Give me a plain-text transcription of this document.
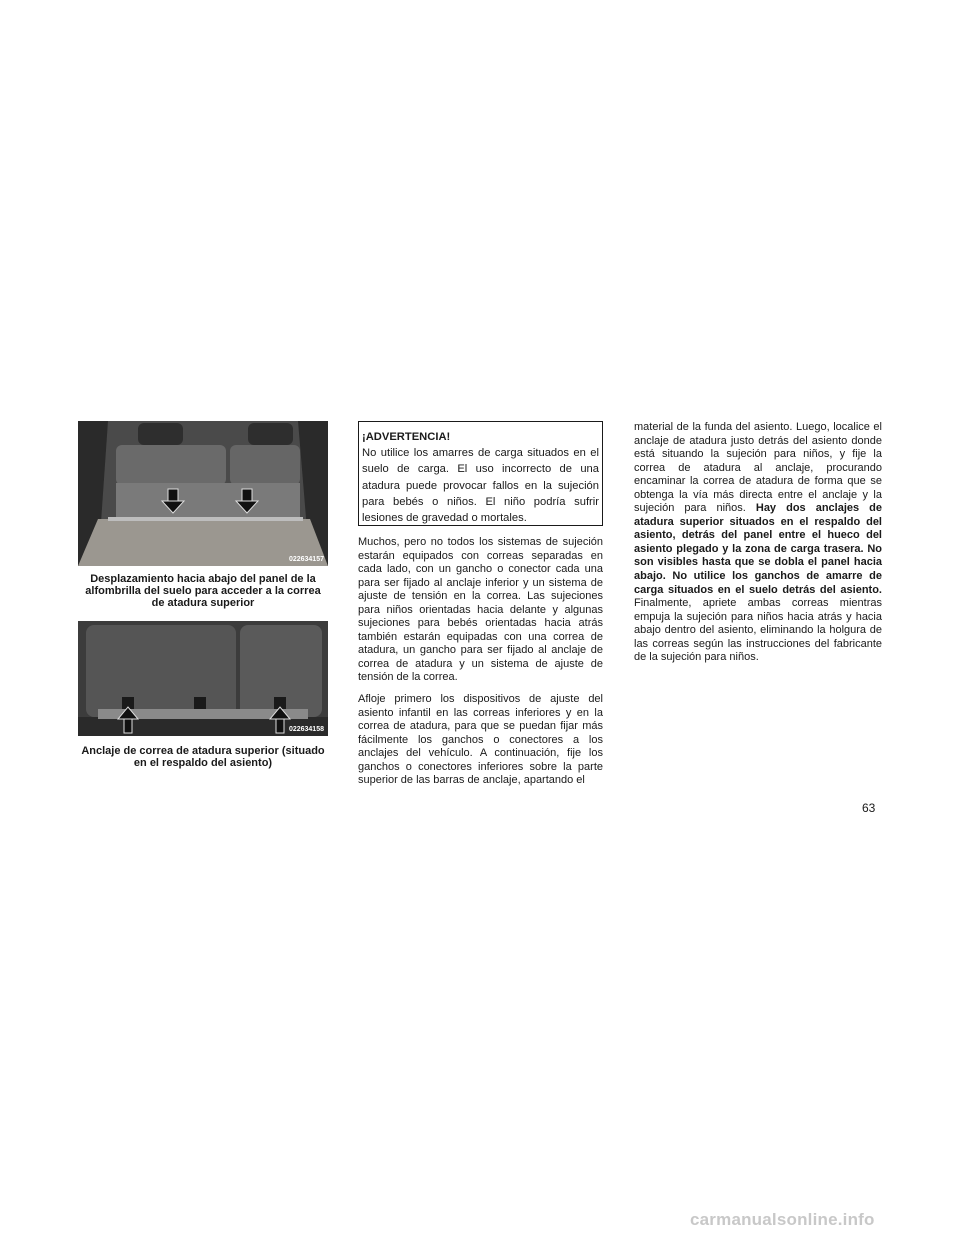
022634157
Desplazamiento hacia abajo del panel de la alfombrilla del suelo para acceder a la correa de atadura superior
022634158
Anclaje de correa de atadura superior (situado en el respaldo del asiento)
¡ADVERTENCIA!
No utilice los amarres de carga situados en el suelo de carga. El uso incorrecto de una atadura puede provocar fallos en la sujeción para bebés o niños. El niño podría sufrir lesiones de gravedad o mortales.

Muchos, pero no todos los sistemas de sujeción estarán equipados con correas separadas en cada lado, con un gancho o conector cada una para ser fijado al anclaje inferior y un sistema de ajuste de tensión en la correa. Las sujeciones para niños orientadas hacia delante y algunas sujeciones para bebés orientadas hacia atrás también estarán equipadas con una correa de atadura, un gancho para ser fijado al anclaje de correa de atadura y un sistema de ajuste de tensión de la correa.

Afloje primero los dispositivos de ajuste del asiento infantil en las correas inferiores y en la correa de atadura, para que se puedan fijar más fácilmente los ganchos o conectores a los anclajes del vehículo. A continuación, fije los ganchos o conectores inferiores sobre la parte superior de las barras de anclaje, apartando el

material de la funda del asiento. Luego, localice el anclaje de atadura justo detrás del asiento donde está situando la sujeción para niños, y fije la correa de atadura al anclaje, procurando encaminar la correa de atadura de forma que se obtenga la vía más directa entre el anclaje y la sujeción para niños. Hay dos anclajes de atadura superior situados en el respaldo del asiento, detrás del panel entre el hueco del asiento plegado y la zona de carga trasera. No son visibles hasta que se dobla el panel hacia abajo. No utilice los ganchos de amarre de carga situados en el suelo detrás del asiento. Finalmente, apriete ambas correas mientras empuja la sujeción para niños hacia atrás y hacia abajo dentro del asiento, eliminando la holgura de las correas según las instrucciones del fabricante de la sujeción para niños.

63
carmanualsonline.info
